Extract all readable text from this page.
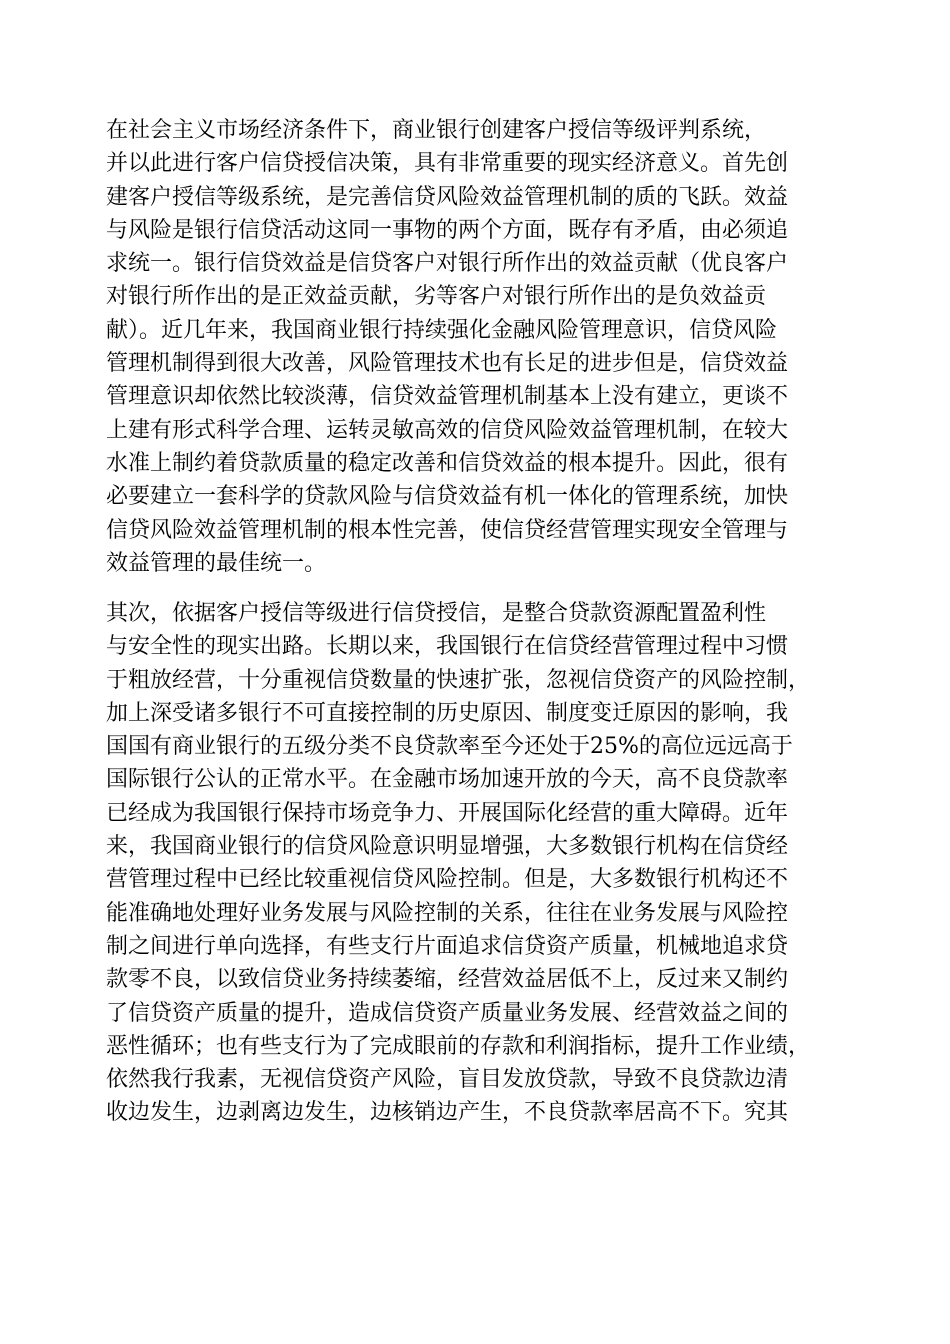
在社会主义市场经济条件下，商业银行创建客户授信等级评判系统，
并以此进行客户信贷授信决策，具有非常重要的现实经济意义。首先创
建客户授信等级系统，是完善信贷风险效益管理机制的质的飞跃。效益
与风险是银行信贷活动这同一事物的两个方面，既存有矛盾，由必须追
求统一。银行信贷效益是信贷客户对银行所作出的效益贡献（优良客户
对银行所作出的是正效益贡献，劣等客户对银行所作出的是负效益贡
献）。近几年来，我国商业银行持续强化金融风险管理意识，信贷风险
管理机制得到很大改善，风险管理技术也有长足的进步但是，信贷效益
管理意识却依然比较淡薄，信贷效益管理机制基本上没有建立，更谈不
上建有形式科学合理、运转灵敏高效的信贷风险效益管理机制，在较大
水准上制约着贷款质量的稳定改善和信贷效益的根本提升。因此，很有
必要建立一套科学的贷款风险与信贷效益有机一体化的管理系统，加快
信贷风险效益管理机制的根本性完善，使信贷经营管理实现安全管理与
效益管理的最佳统一。
其次，依据客户授信等级进行信贷授信，是整合贷款资源配置盈利性
与安全性的现实出路。长期以来，我国银行在信贷经营管理过程中习惯
于粗放经营，十分重视信贷数量的快速扩张，忽视信贷资产的风险控制，
加上深受诸多银行不可直接控制的历史原因、制度变迁原因的影响，我
国国有商业银行的五级分类不良贷款率至今还处于25%的高位远远高于
国际银行公认的正常水平。在金融市场加速开放的今天，高不良贷款率
已经成为我国银行保持市场竞争力、开展国际化经营的重大障碍。近年
来，我国商业银行的信贷风险意识明显增强，大多数银行机构在信贷经
营管理过程中已经比较重视信贷风险控制。但是，大多数银行机构还不
能准确地处理好业务发展与风险控制的关系，往往在业务发展与风险控
制之间进行单向选择，有些支行片面追求信贷资产质量，机械地追求贷
款零不良，以致信贷业务持续萎缩，经营效益居低不上，反过来又制约
了信贷资产质量的提升，造成信贷资产质量业务发展、经营效益之间的
恶性循环；也有些支行为了完成眼前的存款和利润指标，提升工作业绩，
依然我行我素，无视信贷资产风险，盲目发放贷款，导致不良贷款边清
收边发生，边剥离边发生，边核销边产生，不良贷款率居高不下。究其
